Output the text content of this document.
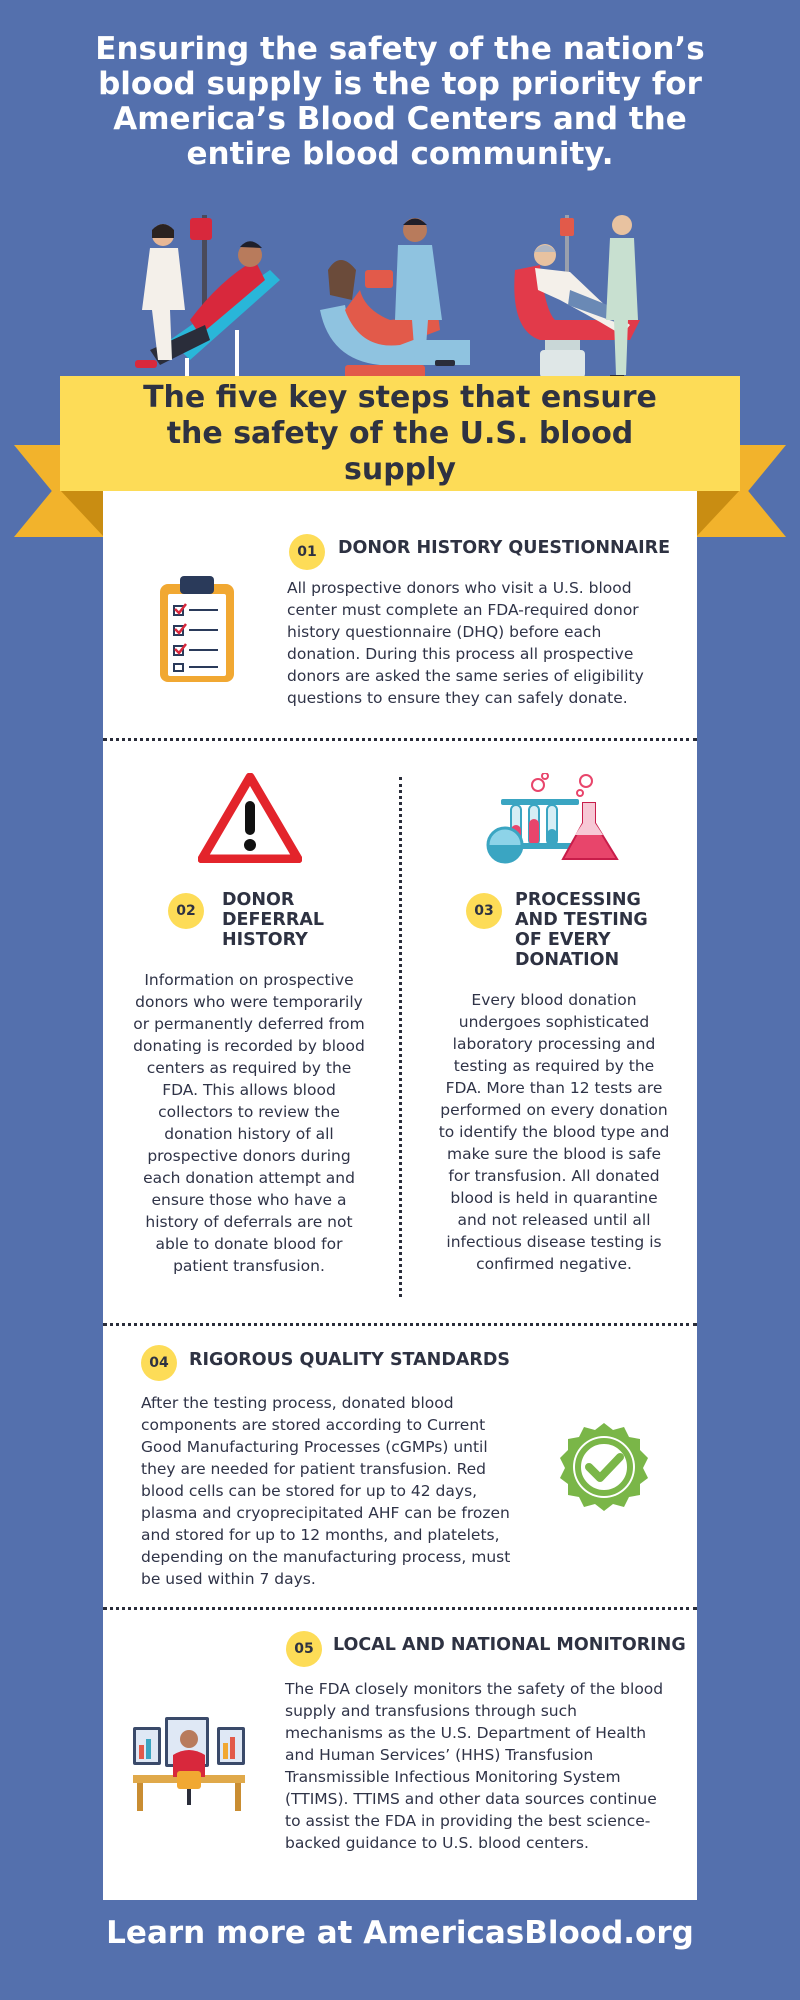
Ensuring the safety of the nation’s blood supply is the top priority for America’s Blood Centers and the entire blood community.
The five key steps that ensure the safety of the U.S. blood supply
01	DONOR HISTORY QUESTIONNAIRE
All prospective donors who visit a U.S. blood center must complete an FDA-required donor history questionnaire (DHQ) before each donation. During this process all prospective donors are asked the same series of eligibility questions to ensure they can safely donate.
02
DONOR DEFERRAL HISTORY
Information on prospective donors who were temporarily or permanently deferred from donating is recorded by blood centers as required by the FDA. This allows blood collectors to review the donation history of all prospective donors during each donation attempt and ensure those who have a history of deferrals are not able to donate blood for patient transfusion.
03
PROCESSING AND TESTING OF EVERY DONATION
Every blood donation undergoes sophisticated laboratory processing and testing as required by the FDA. More than 12 tests are performed on every donation to identify the blood type and make sure the blood is safe for transfusion. All donated blood is held in quarantine and not released until all infectious disease testing is confirmed negative.
04	RIGOROUS QUALITY STANDARDS
After the testing process, donated blood components are stored according to Current Good Manufacturing Processes (cGMPs) until they are needed for patient transfusion. Red blood cells can be stored for up to 42 days, plasma and cryoprecipitated AHF can be frozen and stored for up to 12 months, and platelets, depending on the manufacturing process, must be used within 7 days.
05	LOCAL AND NATIONAL MONITORING
The FDA closely monitors the safety of the blood supply and transfusions through such mechanisms as the U.S. Department of Health and Human Services’ (HHS) Transfusion Transmissible Infectious Monitoring System (TTIMS). TTIMS and other data sources continue to assist the FDA in providing the best science-backed guidance to U.S. blood centers.
Learn more at AmericasBlood.org
